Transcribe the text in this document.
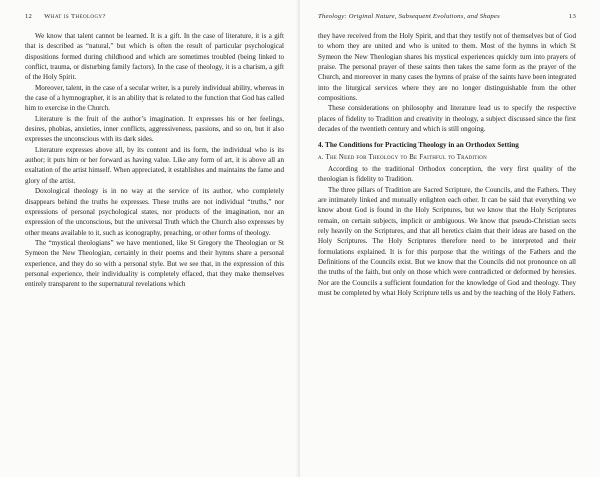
12 What is Theology?

We know that talent cannot be learned. It is a gift. In the case of literature, it is a gift that is described as “natural,” but which is often the result of particular psychological dispositions formed during childhood and which are sometimes troubled (being linked to conflict, trauma, or disturbing family factors). In the case of theology, it is a charism, a gift of the Holy Spirit.

Moreover, talent, in the case of a secular writer, is a purely individual ability, whereas in the case of a hymnographer, it is an ability that is related to the function that God has called him to exercise in the Church.

Literature is the fruit of the author’s imagination. It expresses his or her feelings, desires, phobias, anxieties, inner conflicts, aggressiveness, passions, and so on, but it also expresses the unconscious with its dark sides.

Literature expresses above all, by its content and its form, the individual who is its author; it puts him or her forward as having value. Like any form of art, it is above all an exaltation of the artist himself. When appreciated, it establishes and maintains the fame and glory of the artist.

Doxological theology is in no way at the service of its author, who completely disappears behind the truths he expresses. These truths are not individual “truths,” nor expressions of personal psychological states, nor products of the imagination, nor an expression of the unconscious, but the universal Truth which the Church also expresses by other means available to it, such as iconography, preaching, or other forms of theology.

The “mystical theologians” we have mentioned, like St Gregory the Theologian or St Symeon the New Theologian, certainly in their poems and their hymns share a personal experience, and they do so with a personal style. But we see that, in the expression of this personal experience, their individuality is completely effaced, that they make themselves entirely transparent to the supernatural revelations which

Theology: Original Nature, Subsequent Evolutions, and Shapes	13

they have received from the Holy Spirit, and that they testify not of themselves but of God to whom they are united and who is united to them. Most of the hymns in which St Symeon the New Theologian shares his mystical experiences quickly turn into prayers of praise. The personal prayer of these saints then takes the same form as the prayer of the Church, and moreover in many cases the hymns of praise of the saints have been integrated into the liturgical services where they are no longer distinguishable from the other compositions.

These considerations on philosophy and literature lead us to specify the respective places of fidelity to Tradition and creativity in theology, a subject discussed since the first decades of the twentieth century and which is still ongoing.

4. The Conditions for Practicing Theology in an Orthodox Setting
a. The Need for Theology to Be Faithful to Tradition

According to the traditional Orthodox conception, the very first quality of the theologian is fidelity to Tradition.

The three pillars of Tradition are Sacred Scripture, the Councils, and the Fathers. They are intimately linked and mutually enlighten each other. It can be said that everything we know about God is found in the Holy Scriptures, but we know that the Holy Scriptures remain, on certain subjects, implicit or ambiguous. We know that pseudo-Christian sects rely heavily on the Scriptures, and that all heretics claim that their ideas are based on the Holy Scriptures. The Holy Scriptures therefore need to be interpreted and their formulations explained. It is for this purpose that the writings of the Fathers and the Definitions of the Councils exist. But we know that the Councils did not pronounce on all the truths of the faith, but only on those which were contradicted or deformed by heresies. Nor are the Councils a sufficient foundation for the knowledge of God and theology. They must be completed by what Holy Scripture tells us and by the teaching of the Holy Fathers.
